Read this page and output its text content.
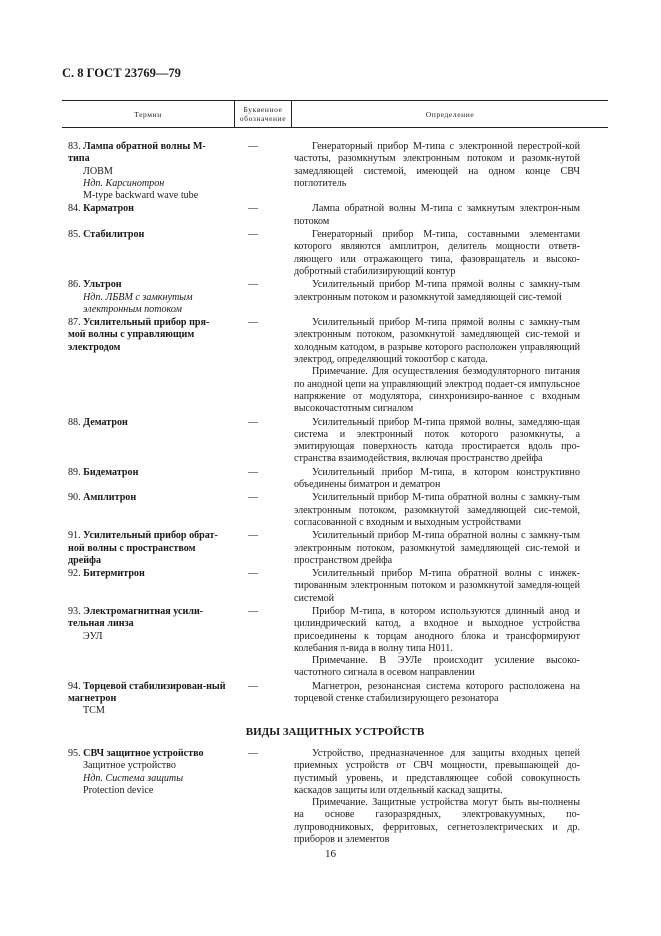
С. 8 ГОСТ 23769—79
Термин	Буквенное обозначение	Определение
83. Лампа обратной волны М-типа
ЛОВМ
Ндп. Карсинотрон
M-type backward wave tube
—	Генераторный прибор М-типа с электронной перестрой-кой частоты, разомкнутым электронным потоком и разомк-нутой замедляющей системой, имеющей на одном конце СВЧ поглотитель

84. Карматрон	—	Лампа обратной волны М-типа с замкнутым электрон-ным потоком

85. Стабилитрон	—	Генераторный прибор М-типа, составными элементами которого являются амплитрон, делитель мощности ответв-ляющего или отражающего типа, фазовращатель и высоко-добротный стабилизирующий контур

86. Ультрон
Ндп. ЛБВМ с замкнутым электронным потоком
—	Усилительный прибор М-типа прямой волны с замкну-тым электронным потоком и разомкнутой замедляющей сис-темой

87. Усилительный прибор пря-мой волны с управляющим электродом
—	Усилительный прибор М-типа прямой волны с замкну-тым электронным потоком, разомкнутой замедляющей сис-темой и холодным катодом, в разрыве которого расположен управляющий электрод, определяющий токоотбор с катода.

Примечание. Для осуществления безмодуляторного питания по анодной цепи на управляющий электрод подает-ся импульсное напряжение от модулятора, синхронизиро-ванное с входным высокочастотным сигналом

88. Дематрон	—	Усилительный прибор М-типа прямой волны, замедляю-щая система и электронный поток которого разомкнуты, а эмитирующая поверхность катода простирается вдоль про-странства взаимодействия, включая пространство дрейфа

89. Бидематрон	—	Усилительный прибор М-типа, в котором конструктивно объединены биматрон и дематрон

90. Амплитрон	—	Усилительный прибор М-типа обратной волны с замкну-тым электронным потоком, разомкнутой замедляющей сис-темой, согласованной с входным и выходным устройствами

91. Усилительный прибор обрат-ной волны с пространством дрейфа
—	Усилительный прибор М-типа обратной волны с замкну-тым электронным потоком, разомкнутой замедляющей сис-темой и пространством дрейфа

92. Битермитрон	—	Усилительный прибор М-типа обратной волны с инжек-тированным электронным потоком и разомкнутой замедля-ющей системой

93. Электромагнитная усили-тельная линза
ЭУЛ
—	Прибор М-типа, в котором используются длинный анод и цилиндрический катод, а входное и выходное устройства присоединены к торцам анодного блока и трансформируют колебания π-вида в волну типа H011.

Примечание. В ЭУЛе происходит усиление высоко-частотного сигнала в осевом направлении

94. Торцевой стабилизирован-ный магнетрон
ТСМ
—	Магнетрон, резонансная система которого расположена на торцевой стенке стабилизирующего резонатора

ВИДЫ ЗАЩИТНЫХ УСТРОЙСТВ
95. СВЧ защитное устройство
Защитное устройство
Ндп. Система защиты
Protection device
—	Устройство, предназначенное для защиты входных цепей приемных устройств от СВЧ мощности, превышающей до-пустимый уровень, и представляющее собой совокупность каскадов защиты или отдельный каскад защиты.

Примечание. Защитные устройства могут быть вы-полнены на основе газоразрядных, электровакуумных, по-лупроводниковых, ферритовых, сегнетоэлектрических и др. приборов и элементов

16
